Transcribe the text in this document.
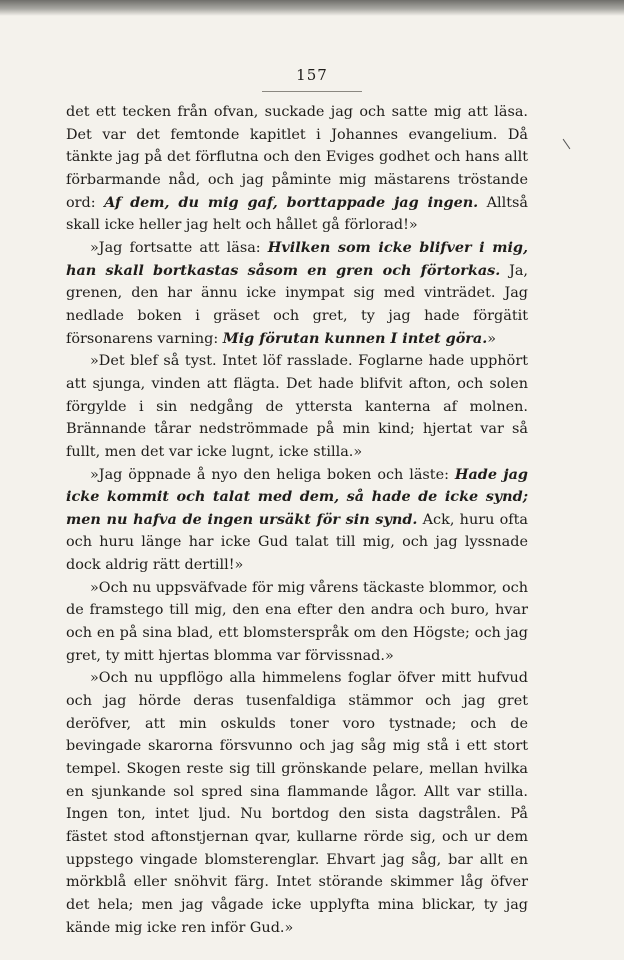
157

det ett tecken från ofvan, suckade jag och satte mig att läsa. Det var det femtonde kapitlet i Johannes evangelium. Då tänkte jag på det förflutna och den Eviges godhet och hans allt förbarmande nåd, och jag påminte mig mästarens tröstande ord: Af dem, du mig gaf, borttappade jag ingen. Alltså skall icke heller jag helt och hållet gå förlorad!»

»Jag fortsatte att läsa: Hvilken som icke blifver i mig, han skall bortkastas såsom en gren och förtorkas. Ja, grenen, den har ännu icke inympat sig med vinträdet. Jag nedlade boken i gräset och gret, ty jag hade förgätit försonarens varning: Mig förutan kunnen I intet göra.»

»Det blef så tyst. Intet löf rasslade. Foglarne hade upphört att sjunga, vinden att flägta. Det hade blifvit afton, och solen förgylde i sin nedgång de yttersta kanterna af molnen. Brännande tårar nedströmmade på min kind; hjertat var så fullt, men det var icke lugnt, icke stilla.»

»Jag öppnade å nyo den heliga boken och läste: Hade jag icke kommit och talat med dem, så hade de icke synd; men nu hafva de ingen ursäkt för sin synd. Ack, huru ofta och huru länge har icke Gud talat till mig, och jag lyssnade dock aldrig rätt dertill!»

»Och nu uppsväfvade för mig vårens täckaste blommor, och de framstego till mig, den ena efter den andra och buro, hvar och en på sina blad, ett blomsterspråk om den Högste; och jag gret, ty mitt hjertas blomma var förvissnad.»

»Och nu uppflögo alla himmelens foglar öfver mitt hufvud och jag hörde deras tusenfaldiga stämmor och jag gret deröfver, att min oskulds toner voro tystnade; och de bevingade skarorna försvunno och jag såg mig stå i ett stort tempel. Skogen reste sig till grönskande pelare, mellan hvilka en sjunkande sol spred sina flammande lågor. Allt var stilla. Ingen ton, intet ljud. Nu bortdog den sista dagstrålen. På fästet stod aftonstjernan qvar, kullarne rörde sig, och ur dem uppstego vingade blomsterenglar. Ehvart jag såg, bar allt en mörkblå eller snöhvit färg. Intet störande skimmer låg öfver det hela; men jag vågade icke upplyfta mina blickar, ty jag kände mig icke ren inför Gud.»
